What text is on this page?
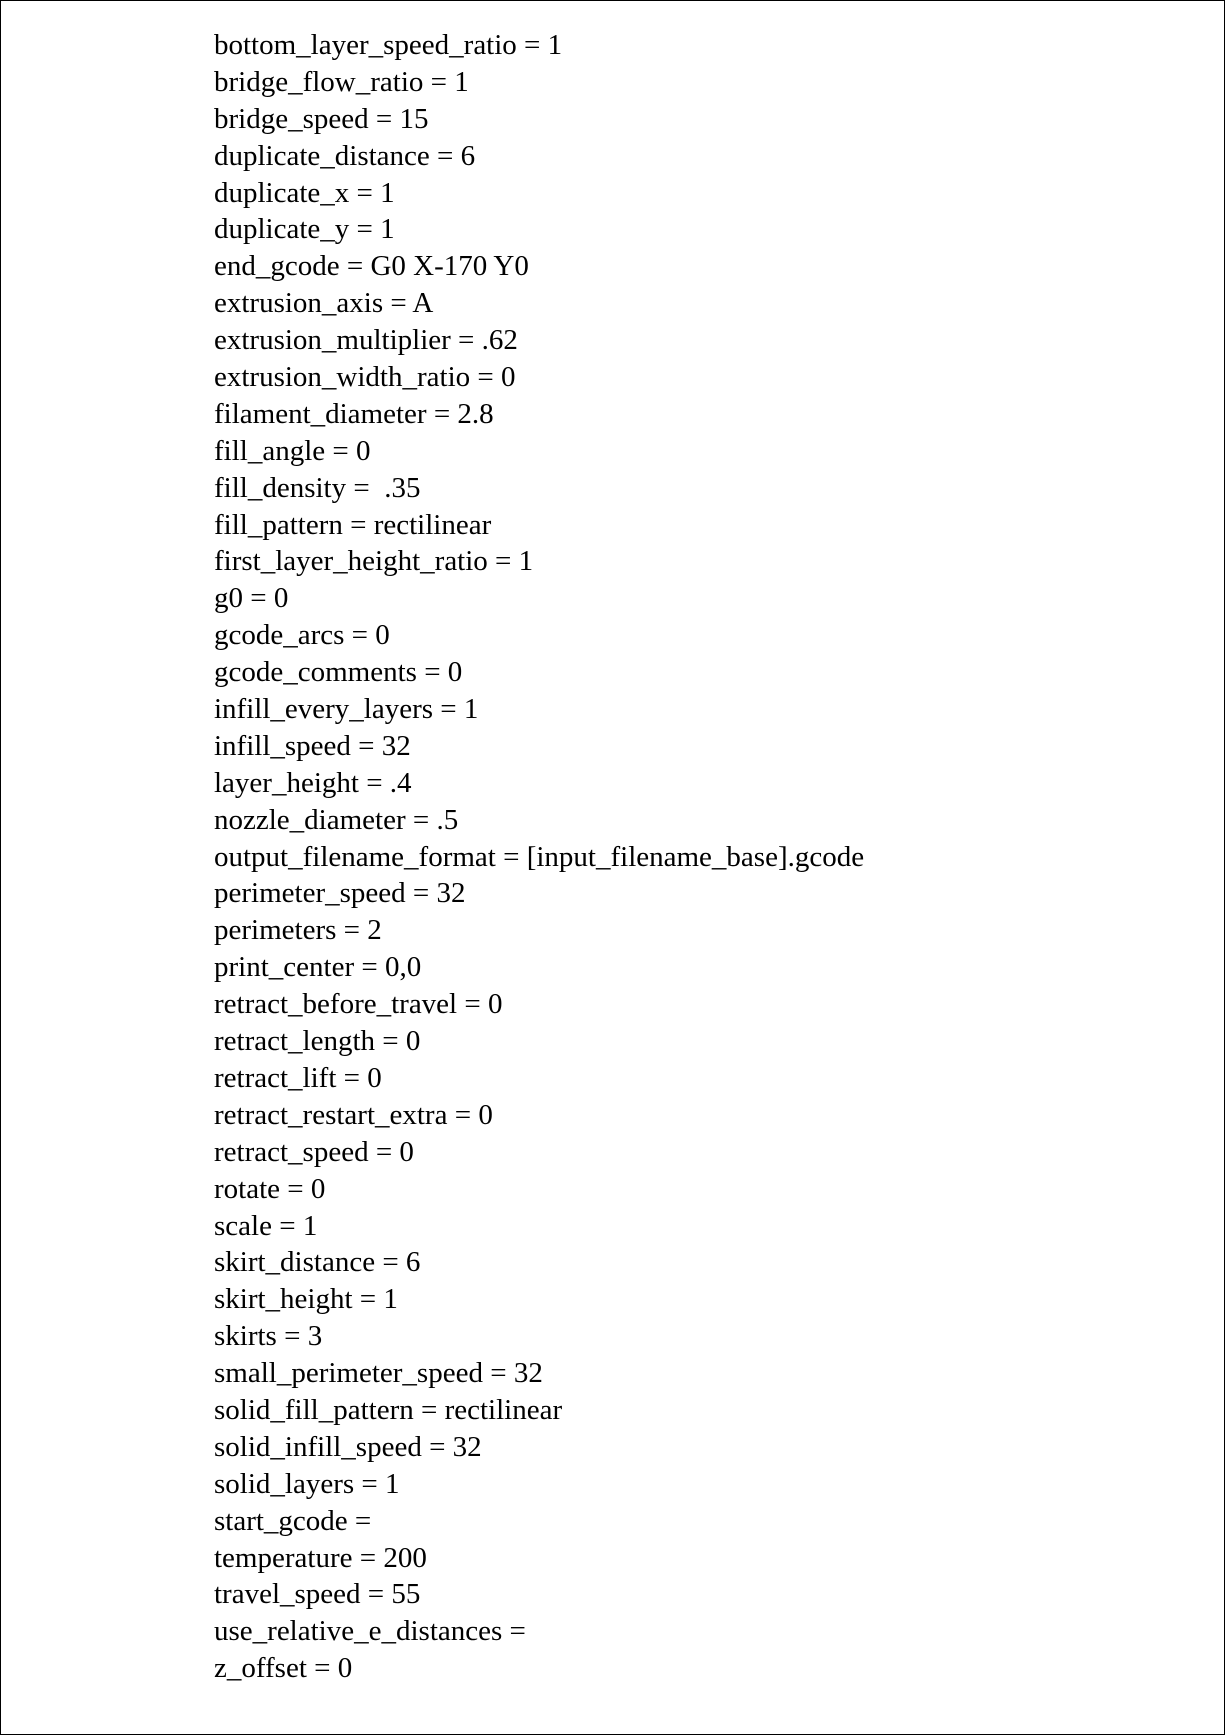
bottom_layer_speed_ratio = 1
bridge_flow_ratio = 1
bridge_speed = 15
duplicate_distance = 6
duplicate_x = 1
duplicate_y = 1
end_gcode = G0 X-170 Y0
extrusion_axis = A
extrusion_multiplier = .62
extrusion_width_ratio = 0
filament_diameter = 2.8
fill_angle = 0
fill_density =  .35
fill_pattern = rectilinear
first_layer_height_ratio = 1
g0 = 0
gcode_arcs = 0
gcode_comments = 0
infill_every_layers = 1
infill_speed = 32
layer_height = .4
nozzle_diameter = .5
output_filename_format = [input_filename_base].gcode
perimeter_speed = 32
perimeters = 2
print_center = 0,0
retract_before_travel = 0
retract_length = 0
retract_lift = 0
retract_restart_extra = 0
retract_speed = 0
rotate = 0
scale = 1
skirt_distance = 6
skirt_height = 1
skirts = 3
small_perimeter_speed = 32
solid_fill_pattern = rectilinear
solid_infill_speed = 32
solid_layers = 1
start_gcode =
temperature = 200
travel_speed = 55
use_relative_e_distances =
z_offset = 0
